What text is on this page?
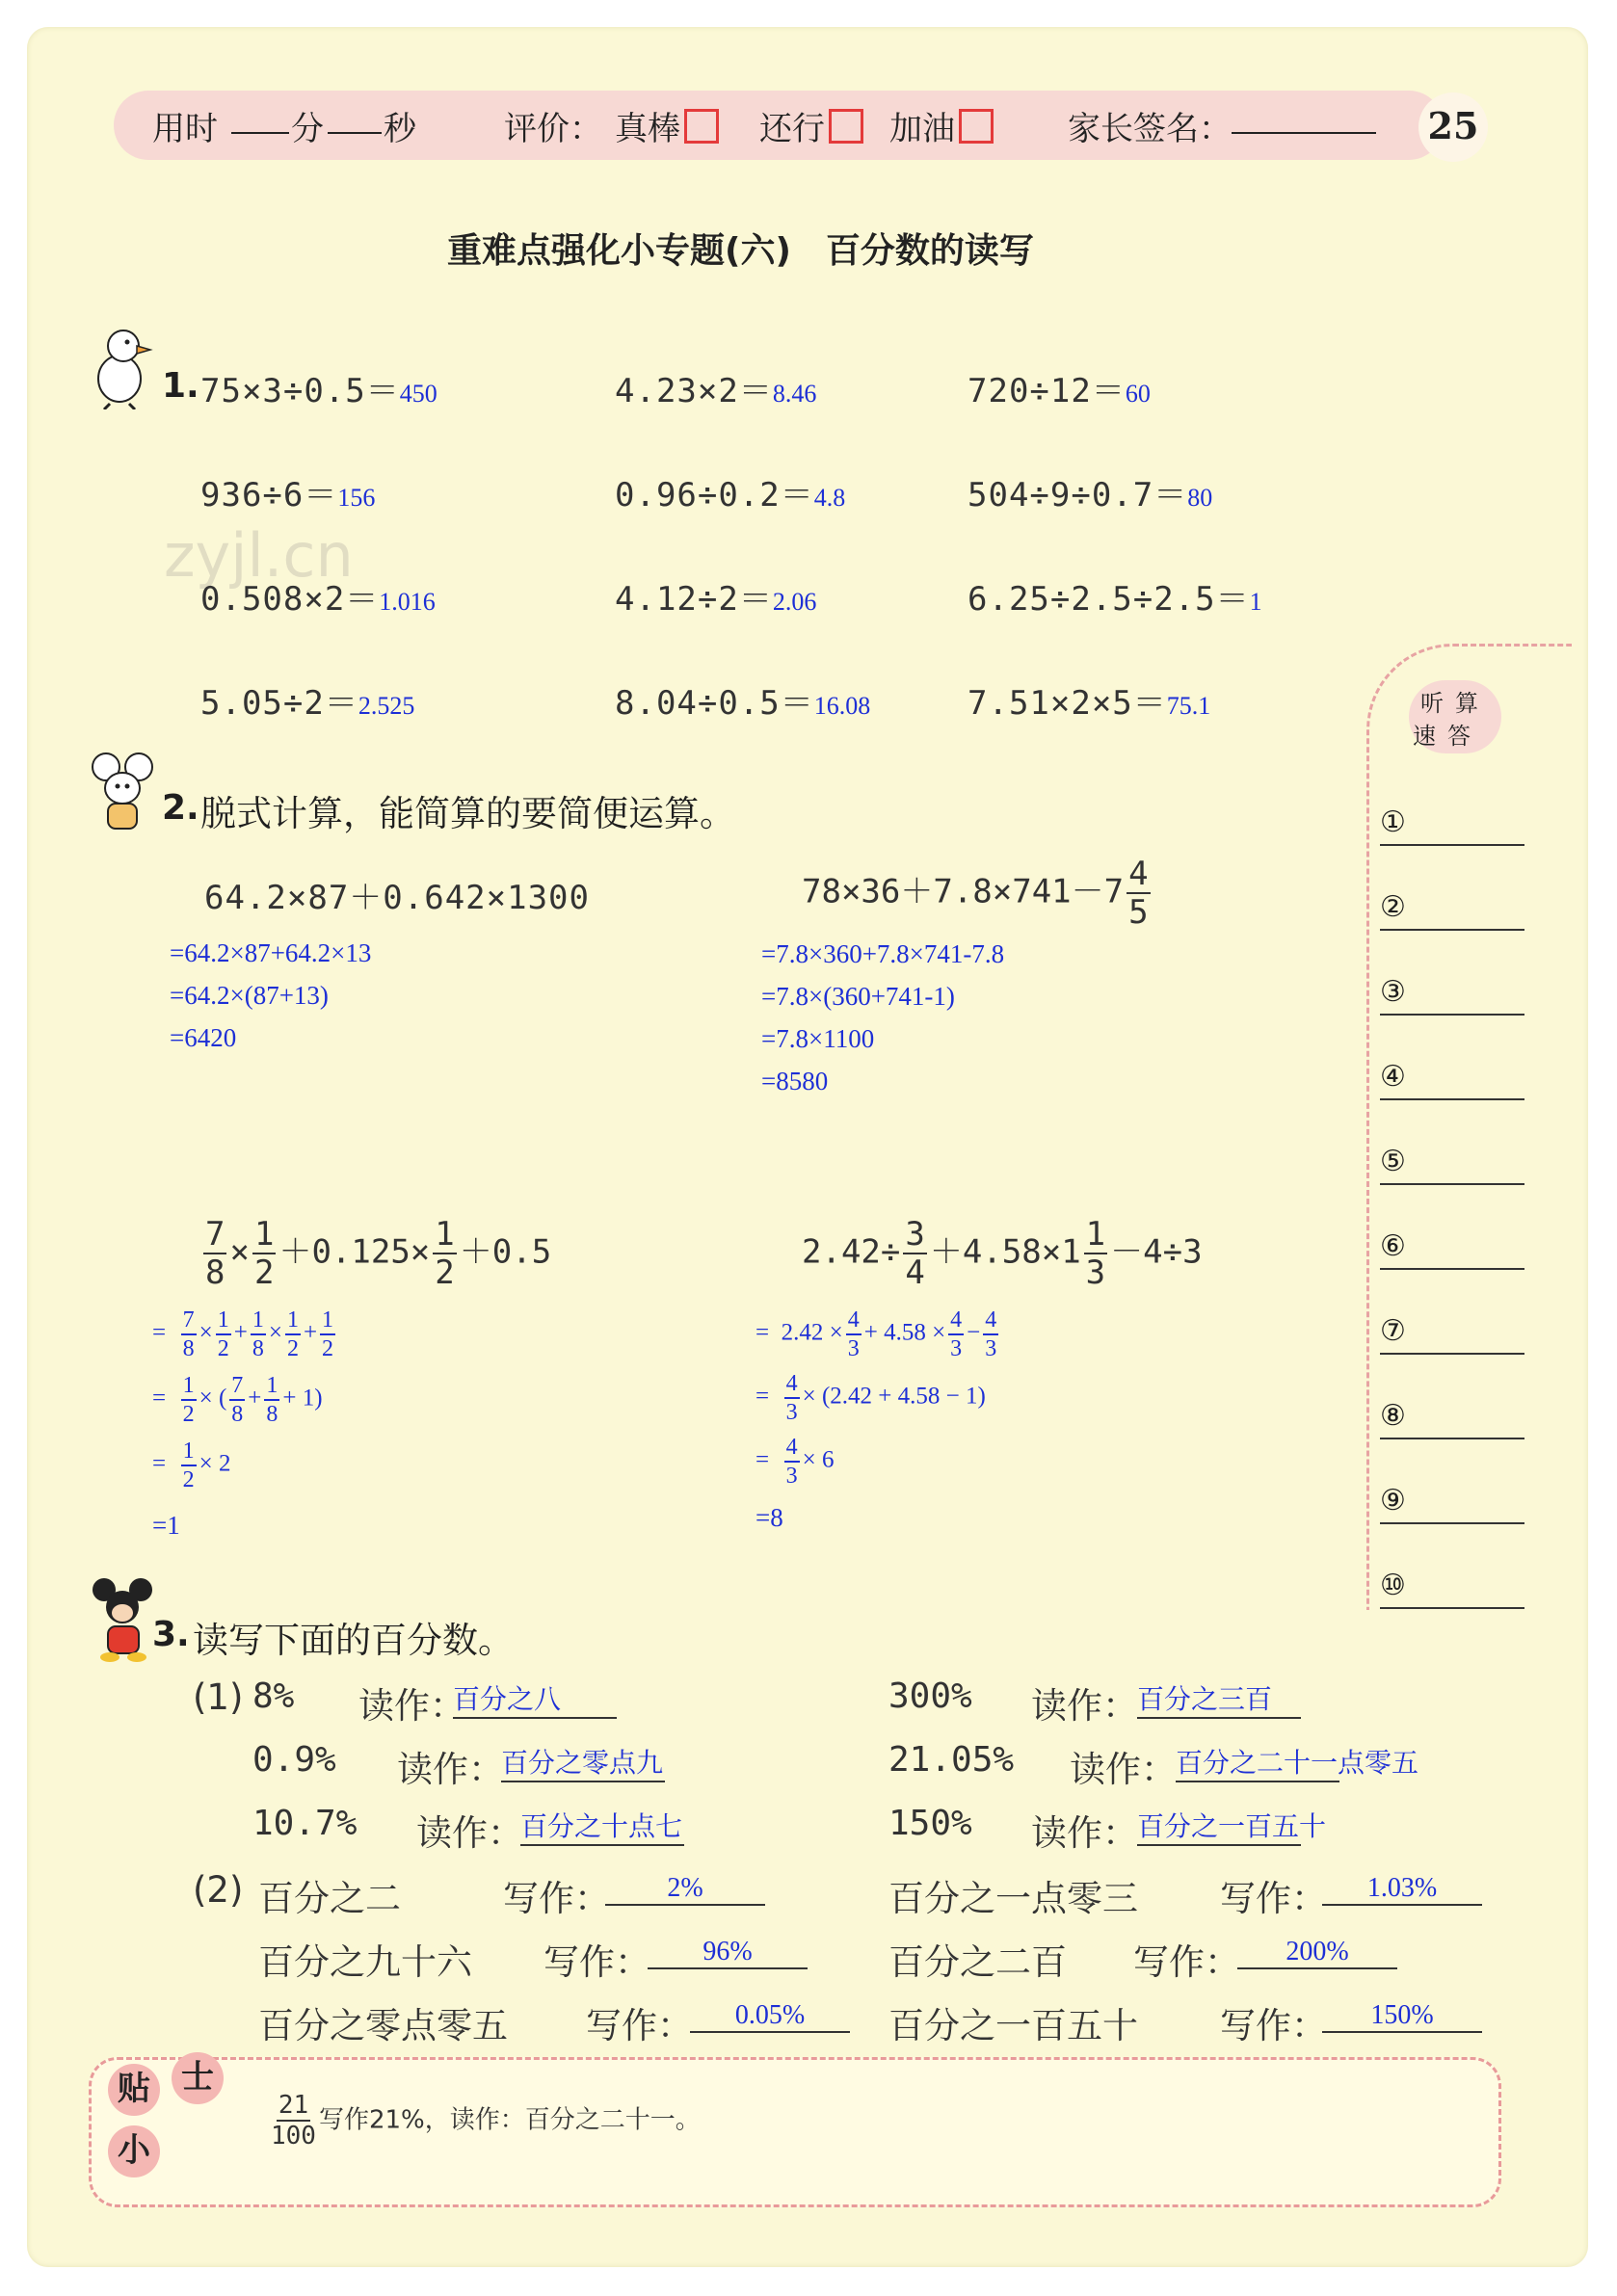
用时 分 秒	评价： 真棒	还行	加油	家长签名：	25
重难点强化小专题(六)　百分数的读写
zyjl.cn
1. 75×3÷0.5＝450	4.23×2＝8.46	720÷12＝60
936÷6＝156	0.96÷0.2＝4.8	504÷9÷0.7＝80
0.508×2＝1.016	4.12÷2＝2.06	6.25÷2.5÷2.5＝1
5.05÷2＝2.525	8.04÷0.5＝16.08	7.51×2×5＝75.1
2. 脱式计算，能简算的要简便运算。
64.2×87＋0.642×1300
=64.2×87+64.2×13
=64.2×(87+13)
=6420
$78\times 36+7.8\times 741-7 \frac{4}{5}$
=7.8×360+7.8×741-7.8
=7.8×(360+741-1)
=7.8×1100
=8580
$\frac{7}{8} \times \frac{1}{2} +0.125\times \frac{1}{2} +0.5$
= $\frac{7}{8} \times \frac{1}{2} + \frac{1}{8} \times \frac{1}{2} + \frac{1}{2}$
= $\frac{1}{2}$ × ( $\frac{7}{8} + \frac{1}{8} + 1$)
= $\frac{1}{2} \times 2$
=1
$2.42\div \frac{3}{4} +4.58\times 1 \frac{1}{3} -4\div 3$
= $2.42 \times \frac{4}{3} + 4.58 \times \frac{4}{3} - \frac{4}{3}$
= $\frac{4}{3} \times (2.42 + 4.58 - 1)$
= $\frac{4}{3} \times 6$
=8
听算
速答
①
②
③
④
⑤
⑥
⑦
⑧
⑨
⑩
3. 读写下面的百分数。
(1)
(2)
8% 读作：
百分之八
0.9% 读作：
百分之零点九
10.7% 读作：
百分之十点七
300% 读作： 百分之三百
21.05% 读作： 百分之二十一点零五
150% 读作： 百分之一百五十
百分之二	写作：	2%
百分之九十六 写作：	96%
百分之零点零五 写作：	0.05%
百分之一点零三 写作：	1.03%
百分之二百 写作：	200%
百分之一百五十 写作：	150%
贴 士
小
$\frac{21}{100}$ 写作21%，读作：百分之二十一。
